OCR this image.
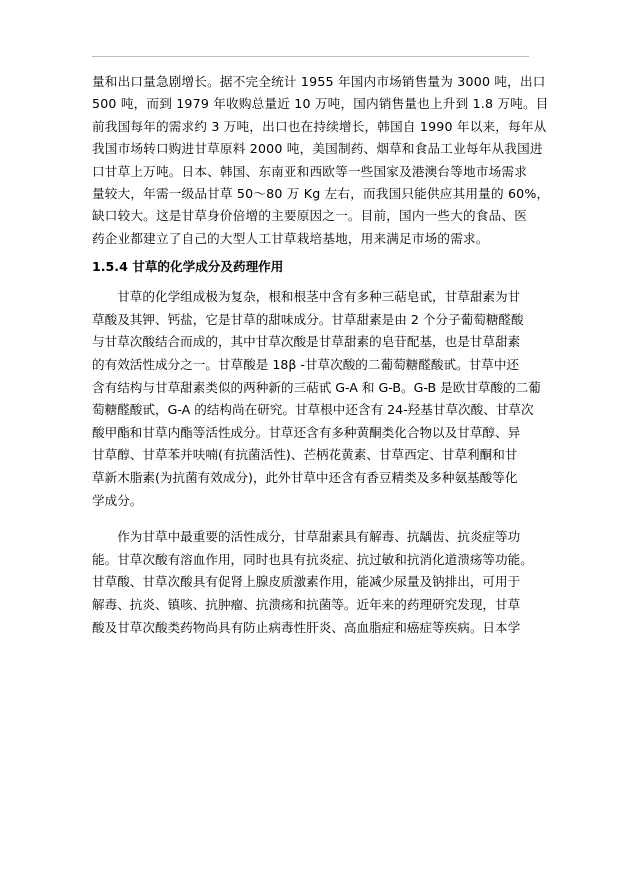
量和出口量急剧增长。据不完全统计 1955 年国内市场销售量为 3000 吨，出口
500 吨，而到 1979 年收购总量近 10 万吨，国内销售量也上升到 1.8 万吨。目
前我国每年的需求约 3 万吨，出口也在持续增长，韩国自 1990 年以来，每年从
我国市场转口购进甘草原料 2000 吨，美国制药、烟草和食品工业每年从我国进
口甘草上万吨。日本、韩国、东南亚和西欧等一些国家及港澳台等地市场需求
量较大，年需一级品甘草 50～80 万 Kg 左右，而我国只能供应其用量的 60%，
缺口较大。这是甘草身价倍增的主要原因之一。目前，国内一些大的食品、医
药企业都建立了自己的大型人工甘草栽培基地，用来满足市场的需求。
1.5.4 甘草的化学成分及药理作用
　　甘草的化学组成极为复杂，根和根茎中含有多种三萜皂甙，甘草甜素为甘
草酸及其钾、钙盐，它是甘草的甜味成分。甘草甜素是由 2 个分子葡萄糖醛酸
与甘草次酸结合而成的，其中甘草次酸是甘草甜素的皂苷配基，也是甘草甜素
的有效活性成分之一。甘草酸是 18β -甘草次酸的二葡萄糖醛酸甙。甘草中还
含有结构与甘草甜素类似的两种新的三萜甙 G-A 和 G-B。G-B 是欧甘草酸的二葡
萄糖醛酸甙，G-A 的结构尚在研究。甘草根中还含有 24-羟基甘草次酸、甘草次
酸甲酯和甘草内酯等活性成分。甘草还含有多种黄酮类化合物以及甘草醇、异
甘草醇、甘草苯并呋喃(有抗菌活性)、芒柄花黄素、甘草西定、甘草利酮和甘
草新木脂素(为抗菌有效成分)，此外甘草中还含有香豆精类及多种氨基酸等化
学成分。
　　作为甘草中最重要的活性成分，甘草甜素具有解毒、抗龋齿、抗炎症等功
能。甘草次酸有溶血作用，同时也具有抗炎症、抗过敏和抗消化道溃疡等功能。
甘草酸、甘草次酸具有促肾上腺皮质激素作用，能减少尿量及钠排出，可用于
解毒、抗炎、镇咳、抗肿瘤、抗溃疡和抗菌等。近年来的药理研究发现，甘草
酸及甘草次酸类药物尚具有防止病毒性肝炎、高血脂症和癌症等疾病。日本学
